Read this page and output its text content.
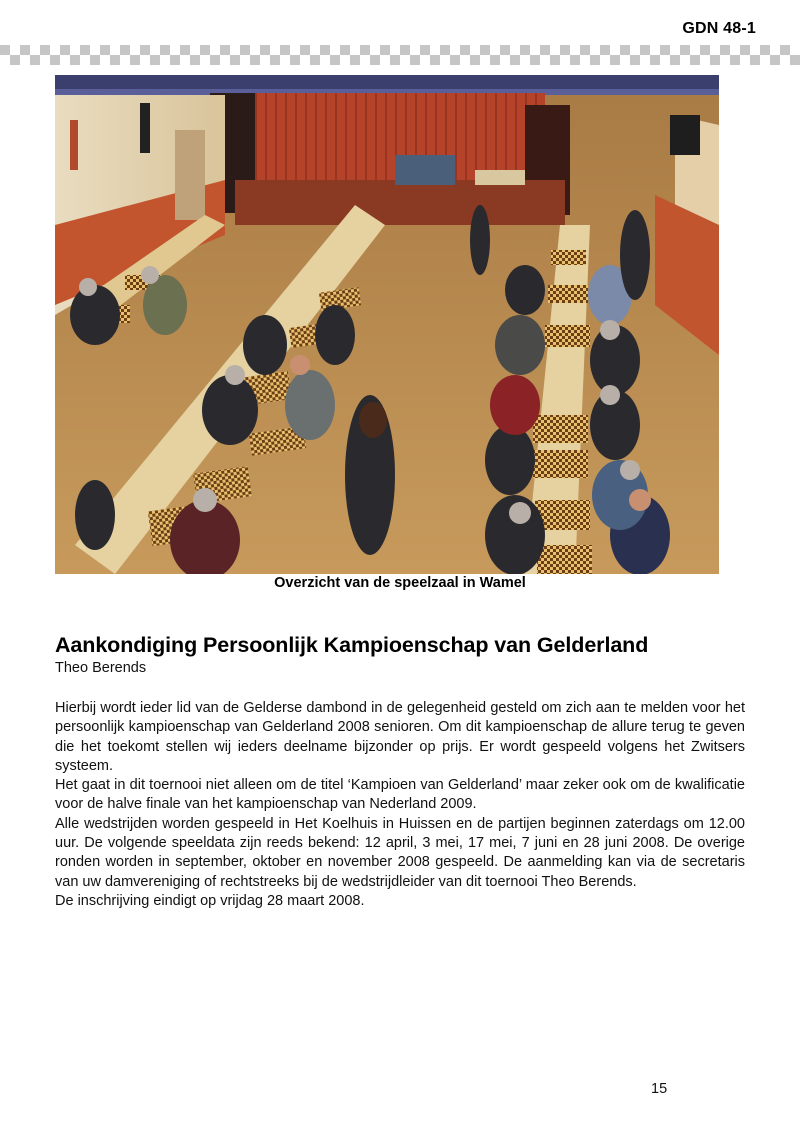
GDN 48-1
Overzicht van de speelzaal in Wamel
Aankondiging Persoonlijk Kampioenschap van Gelderland
Theo Berends

Hierbij wordt ieder lid van de Gelderse dambond in de gelegenheid gesteld om zich aan te melden voor het persoonlijk kampioenschap van Gelderland 2008 senioren. Om dit kampioenschap de allure terug te geven die het toekomt stellen wij ieders deelname bijzonder op prijs. Er wordt gespeeld volgens het Zwitsers systeem.

Het gaat in dit toernooi niet alleen om de titel ‘Kampioen van Gelderland’ maar zeker ook om de kwalificatie voor de halve finale van het kampioenschap van Nederland 2009.

Alle wedstrijden worden gespeeld in Het Koelhuis in Huissen en de partijen beginnen zaterdags om 12.00 uur. De volgende speeldata zijn reeds bekend: 12 april, 3 mei, 17 mei, 7 juni en 28 juni 2008. De overige ronden worden in september, oktober en november 2008 gespeeld. De aanmelding kan via de secretaris van uw damvereniging of rechtstreeks bij de wedstrijdleider van dit toernooi Theo Berends.

De inschrijving eindigt op vrijdag 28 maart 2008.

15
